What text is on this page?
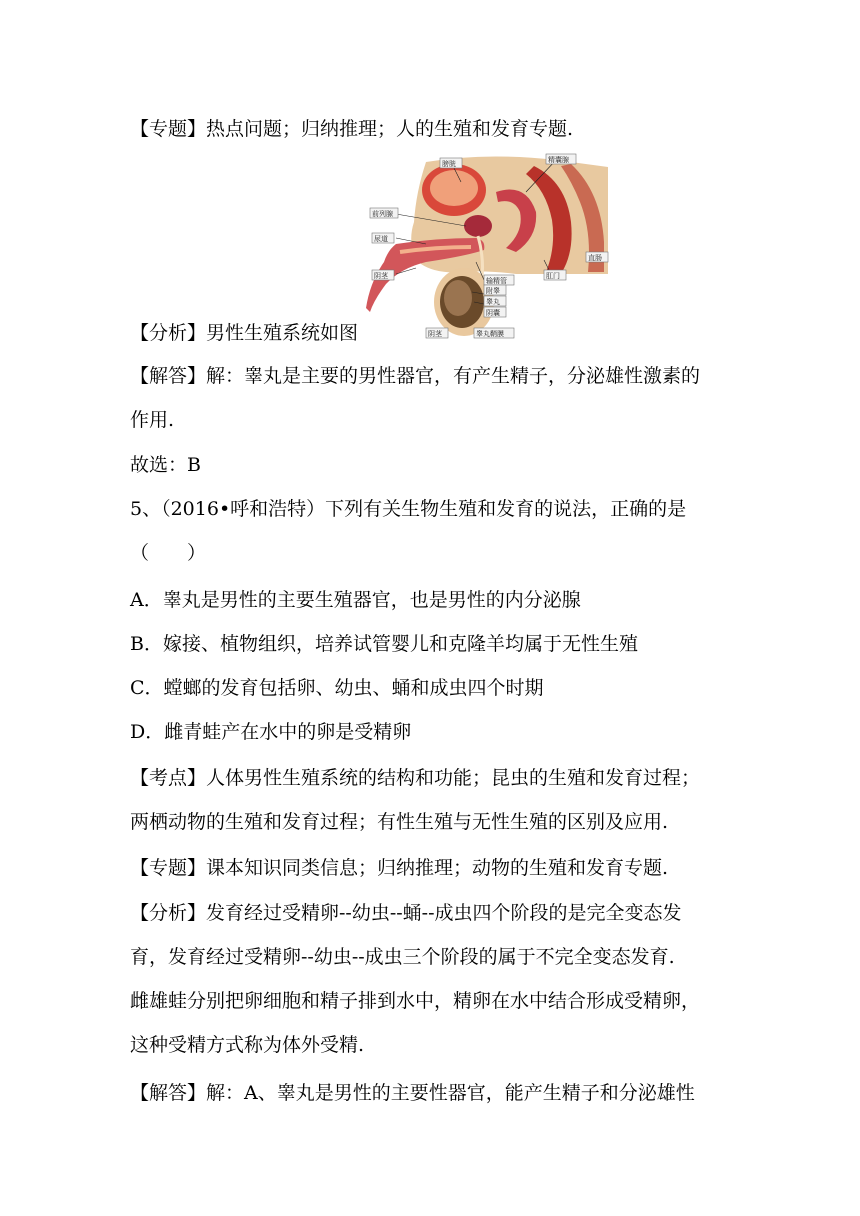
【专题】热点问题；归纳推理；人的生殖和发育专题.
膀胱	精囊腺
前列腺
尿道
阴茎
输精管
直肠
肛门
附睾
睾丸
阴囊
阴茎	睾丸鞘膜
【分析】男性生殖系统如图
【解答】解：睾丸是主要的男性器官，有产生精子，分泌雄性激素的
作用.
故选：B
5、（2016•呼和浩特）下列有关生物生殖和发育的说法，正确的是
（　　）
A．睾丸是男性的主要生殖器官，也是男性的内分泌腺
B．嫁接、植物组织，培养试管婴儿和克隆羊均属于无性生殖
C．螳螂的发育包括卵、幼虫、蛹和成虫四个时期
D．雌青蛙产在水中的卵是受精卵
【考点】人体男性生殖系统的结构和功能；昆虫的生殖和发育过程；
两栖动物的生殖和发育过程；有性生殖与无性生殖的区别及应用.
【专题】课本知识同类信息；归纳推理；动物的生殖和发育专题.
【分析】发育经过受精卵--幼虫--蛹--成虫四个阶段的是完全变态发
育，发育经过受精卵--幼虫--成虫三个阶段的属于不完全变态发育.
雌雄蛙分别把卵细胞和精子排到水中，精卵在水中结合形成受精卵，
这种受精方式称为体外受精.
【解答】解：A、睾丸是男性的主要性器官，能产生精子和分泌雄性
